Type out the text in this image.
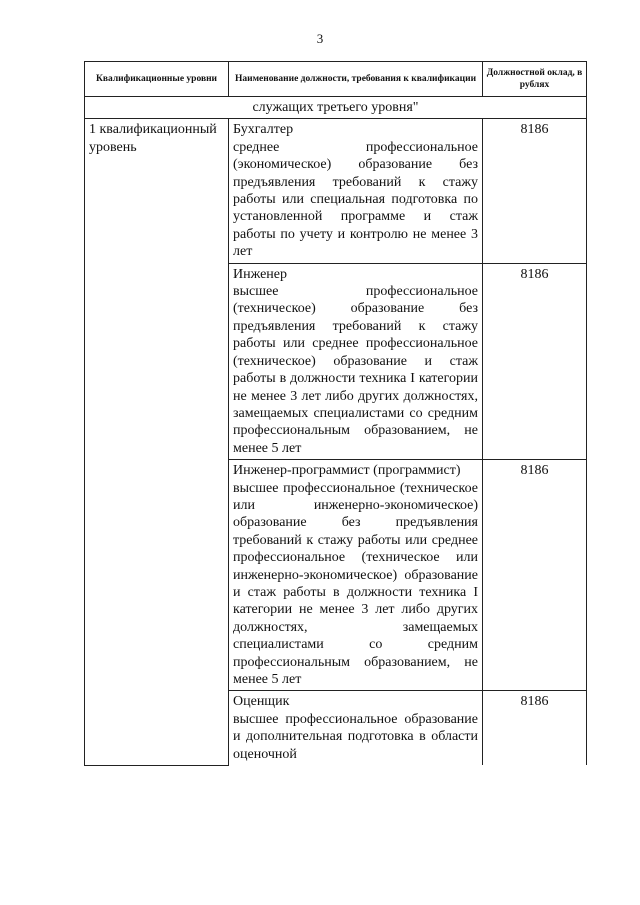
3
Квалификационные уровни	Наименование должности, требования к квалификации	Должностной оклад, в рублях
служащих третьего уровня"		
1 квалификационный уровень	Бухгалтер
среднее профессиональное (экономическое) образование без предъявления требований к стажу работы или специальная подготовка по установленной программе и стаж работы по учету и контролю не менее 3 лет	8186

	Инженер
высшее профессиональное (техническое) образование без предъявления требований к стажу работы или среднее профессиональное (техническое) образование и стаж работы в должности техника I категории не менее 3 лет либо других должностях, замещаемых специалистами со средним профессиональным образованием, не менее 5 лет	8186

	Инженер-программист (программист)
высшее профессиональное (техническое или инженерно-экономическое) образование без предъявления требований к стажу работы или среднее профессиональное (техническое или инженерно-экономическое) образование и стаж работы в должности техника I категории не менее 3 лет либо других должностях, замещаемых специалистами со средним профессиональным образованием, не менее 5 лет	8186

	Оценщик
высшее профессиональное образование и дополнительная подготовка в области оценочной	8186
